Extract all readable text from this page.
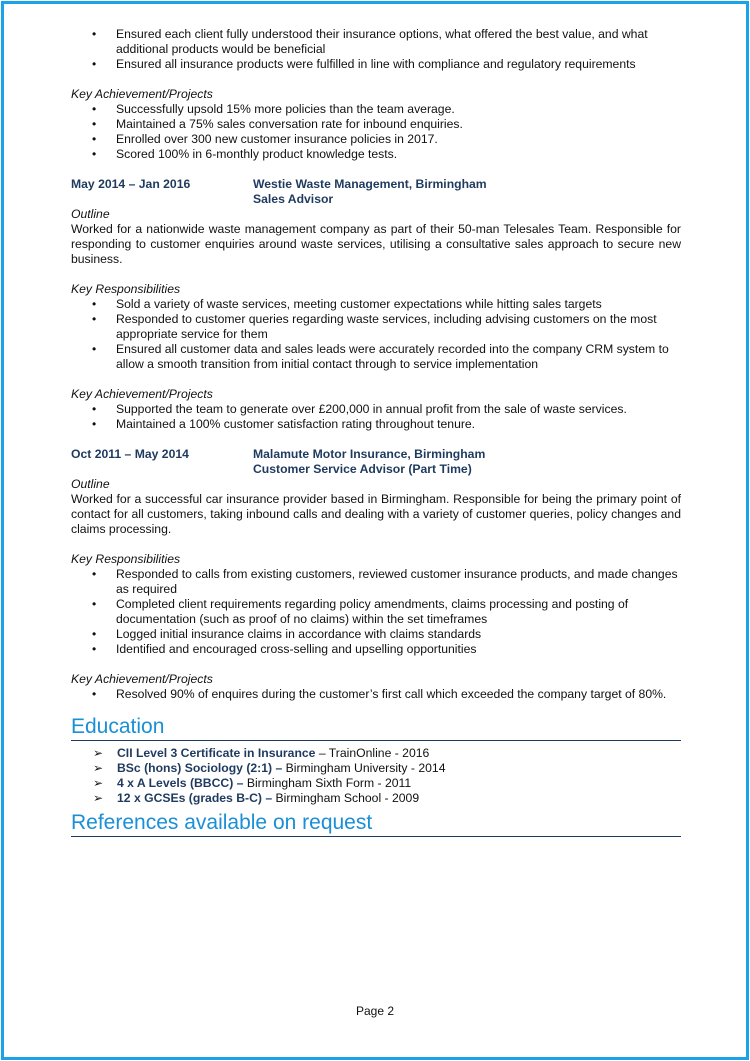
• Ensured each client fully understood their insurance options, what offered the best value, and what additional products would be beneficial
• Ensured all insurance products were fulfilled in line with compliance and regulatory requirements
Key Achievement/Projects
• Successfully upsold 15% more policies than the team average.
• Maintained a 75% sales conversation rate for inbound enquiries.
• Enrolled over 300 new customer insurance policies in 2017.
• Scored 100% in 6-monthly product knowledge tests.
May 2014 – Jan 2016	Westie Waste Management, Birmingham
Sales Advisor
Outline

Worked for a nationwide waste management company as part of their 50-man Telesales Team. Responsible for responding to customer enquiries around waste services, utilising a consultative sales approach to secure new business.

Key Responsibilities
• Sold a variety of waste services, meeting customer expectations while hitting sales targets
• Responded to customer queries regarding waste services, including advising customers on the most appropriate service for them
• Ensured all customer data and sales leads were accurately recorded into the company CRM system to allow a smooth transition from initial contact through to service implementation
Key Achievement/Projects
• Supported the team to generate over £200,000 in annual profit from the sale of waste services.
• Maintained a 100% customer satisfaction rating throughout tenure.
Oct 2011 – May 2014	Malamute Motor Insurance, Birmingham
Customer Service Advisor (Part Time)
Outline

Worked for a successful car insurance provider based in Birmingham. Responsible for being the primary point of contact for all customers, taking inbound calls and dealing with a variety of customer queries, policy changes and claims processing.

Key Responsibilities
• Responded to calls from existing customers, reviewed customer insurance products, and made changes as required
• Completed client requirements regarding policy amendments, claims processing and posting of documentation (such as proof of no claims) within the set timeframes
• Logged initial insurance claims in accordance with claims standards
• Identified and encouraged cross-selling and upselling opportunities
Key Achievement/Projects
• Resolved 90% of enquires during the customer’s first call which exceeded the company target of 80%.
Education
➢ CII Level 3 Certificate in Insurance – TrainOnline - 2016
➢ BSc (hons) Sociology (2:1) – Birmingham University - 2014
➢ 4 x A Levels (BBCC) – Birmingham Sixth Form - 2011
➢ 12 x GCSEs (grades B-C) – Birmingham School - 2009
References available on request
Page 2
